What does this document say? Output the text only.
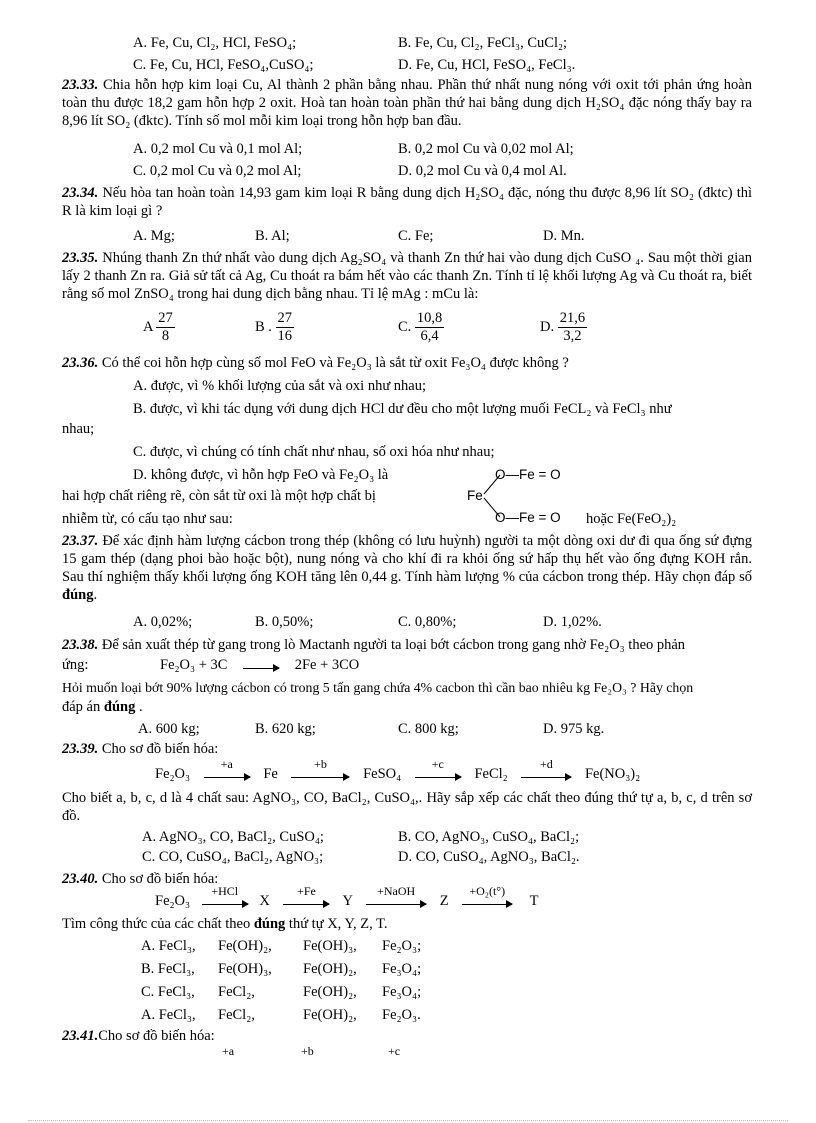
A. Fe, Cu, Cl₂, HCl, FeSO₄;	B. Fe, Cu, Cl₂, FeCl₃, CuCl₂;
C. Fe, Cu, HCl, FeSO₄,CuSO₄;	D. Fe, Cu, HCl, FeSO₄, FeCl₃.
23.33. Chia hỗn hợp kim loại Cu, Al thành 2 phần bằng nhau. Phần thứ nhất nung nóng với oxit tới phản ứng hoàn toàn thu được 18,2 gam hỗn hợp 2 oxit. Hoà tan hoàn toàn phần thứ hai bằng dung dịch H₂SO₄ đặc nóng thấy bay ra 8,96 lít SO₂ (đktc). Tính số mol mỗi kim loại trong hỗn hợp ban đầu.
A. 0,2 mol Cu và 0,1 mol Al;	B. 0,2 mol Cu và 0,02 mol Al;
C. 0,2 mol Cu và 0,2 mol Al;	D. 0,2 mol Cu và 0,4 mol Al.
23.34. Nếu hòa tan hoàn toàn 14,93 gam kim loại R bằng dung dịch H₂SO₄ đặc, nóng thu được 8,96 lít SO₂ (đktc) thì R là kim loại gì ?
A. Mg;	B. Al;	C. Fe;	D. Mn.
23.35. Nhúng thanh Zn thứ nhất vào dung dịch Ag₂SO₄ và thanh Zn thứ hai vào dung dịch CuSO ₄. Sau một thời gian lấy 2 thanh Zn ra. Giả sử tất cả Ag, Cu thoát ra bám hết vào các thanh Zn. Tính tỉ lệ khối lượng Ag và Cu thoát ra, biết rằng số mol ZnSO₄ trong hai dung dịch bằng nhau. Tỉ lệ mAg : mCu là:
A $\frac{27}{8}$	B . $\frac{27}{16}$	C. $\frac{10,8}{6,4}$	D. $\frac{21,6}{3,2}$
23.36. Có thể coi hỗn hợp cùng số mol FeO và Fe₂O₃ là sắt từ oxit Fe₃O₄ được không ?
A. được, vì % khối lượng của sắt và oxi như nhau;
B. được, vì khi tác dụng với dung dịch HCl dư đều cho một lượng muối FeCL₂ và FeCl₃ như
nhau;
C. được, vì chúng có tính chất như nhau, số oxi hóa như nhau;
D. không được, vì hỗn hợp FeO và Fe₂O₃ là
hai hợp chất riêng rẽ, còn sắt từ oxi là một hợp chất bị
nhiễm từ, có cấu tạo như sau:
O—Fe = O
Fe
O—Fe = O hoặc Fe(FeO₂)₂
23.37. Để xác định hàm lượng cácbon trong thép (không có lưu huỳnh) người ta một dòng oxi dư đi qua ống sứ đựng 15 gam thép (dạng phoi bào hoặc bột), nung nóng và cho khí đi ra khỏi ống sứ hấp thụ hết vào ống đựng KOH rắn. Sau thí nghiệm thấy khối lượng ống KOH tăng lên 0,44 g. Tính hàm lượng % của cácbon trong thép. Hãy chọn đáp số đúng.
A. 0,02%;	B. 0,50%;	C. 0,80%;	D. 1,02%.
23.38. Để sản xuất thép từ gang trong lò Mactanh người ta loại bớt cácbon trong gang nhờ Fe₂O₃ theo phản
ứng:	Fe₂O₃ + 3C	2Fe + 3CO
Hỏi muốn loại bớt 90% lượng cácbon có trong 5 tấn gang chứa 4% cacbon thì cần bao nhiêu kg Fe₂O₃ ? Hãy chọn
đáp án đúng .
A. 600 kg;	B. 620 kg;	C. 800 kg;	D. 975 kg.
23.39. Cho sơ đồ biến hóa:
Fe₂O₃
+a
Fe
+b
FeSO₄
+c
FeCl₂
+d
Fe(NO₃)₂
Cho biết a, b, c, d là 4 chất sau: AgNO₃, CO, BaCl₂, CuSO₄,. Hãy sắp xếp các chất theo đúng thứ tự a, b, c, d trên sơ đồ.
A. AgNO₃, CO, BaCl₂, CuSO₄;	B. CO, AgNO₃, CuSO₄, BaCl₂;
C. CO, CuSO₄, BaCl₂, AgNO₃;	D. CO, CuSO₄, AgNO₃, BaCl₂.
23.40. Cho sơ đồ biến hóa:
Fe₂O₃
+HCl
X
+Fe
Y
+NaOH
Z
+O₂(t°)
T
Tìm công thức của các chất theo đúng thứ tự X, Y, Z, T.
A. FeCl₃, Fe(OH)₂, Fe(OH)₃, Fe₂O₃;
B. FeCl₃, Fe(OH)₃, Fe(OH)₂, Fe₃O₄;
C. FeCl₃, FeCl₂,	Fe(OH)₂, Fe₃O₄;
A. FeCl₃, FeCl₂,	Fe(OH)₂, Fe₂O₃.
23.41.Cho sơ đồ biến hóa:
+a	+b	+c
